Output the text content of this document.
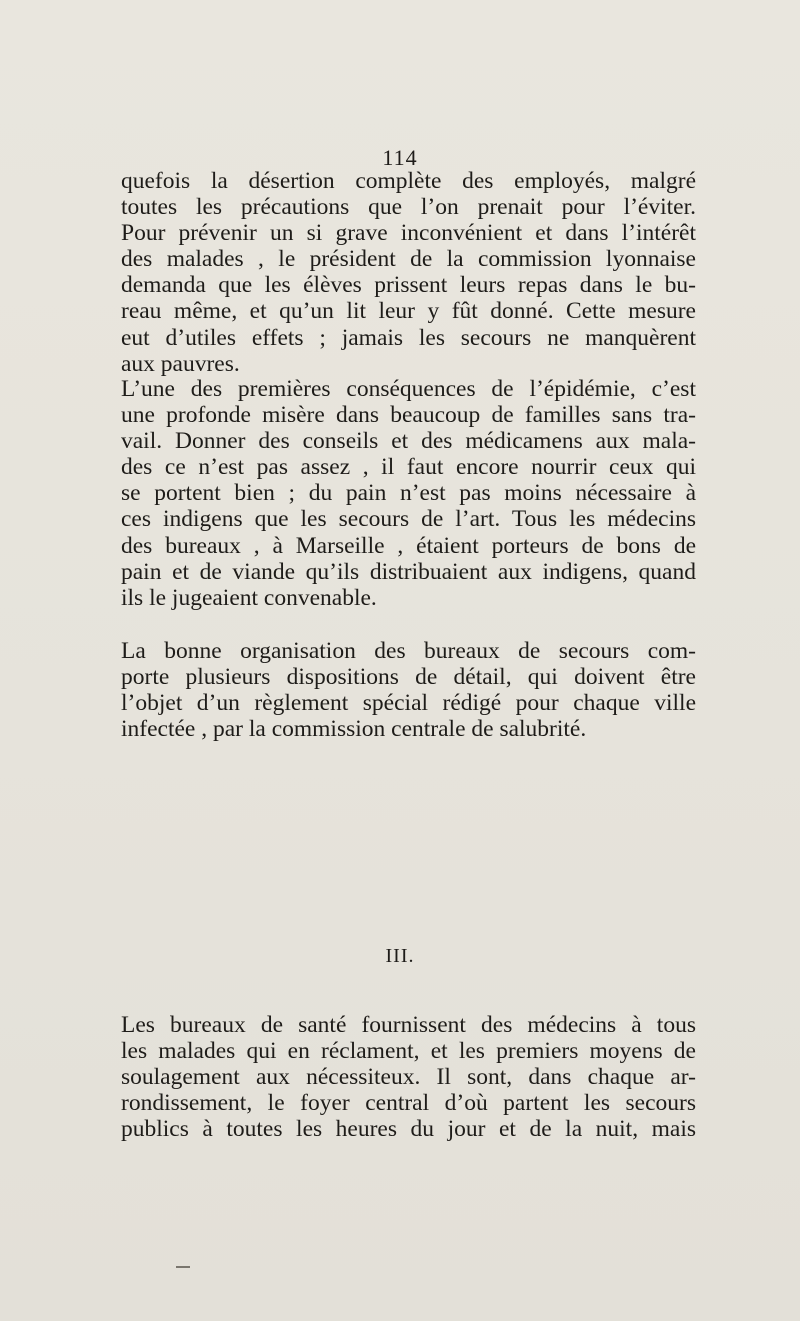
114
quefois la désertion complète des employés, malgré
toutes les précautions que l’on prenait pour l’éviter.
Pour prévenir un si grave inconvénient et dans l’intérêt
des malades , le président de la commission lyonnaise
demanda que les élèves prissent leurs repas dans le bu-
reau même, et qu’un lit leur y fût donné. Cette mesure
eut d’utiles effets ; jamais les secours ne manquèrent
aux pauvres.
L’une des premières conséquences de l’épidémie, c’est
une profonde misère dans beaucoup de familles sans tra-
vail. Donner des conseils et des médicamens aux mala-
des ce n’est pas assez , il faut encore nourrir ceux qui
se portent bien ; du pain n’est pas moins nécessaire à
ces indigens que les secours de l’art. Tous les médecins
des bureaux , à Marseille , étaient porteurs de bons de
pain et de viande qu’ils distribuaient aux indigens, quand
ils le jugeaient convenable.
La bonne organisation des bureaux de secours com-
porte plusieurs dispositions de détail, qui doivent être
l’objet d’un règlement spécial rédigé pour chaque ville
infectée , par la commission centrale de salubrité.
III.
Les bureaux de santé fournissent des médecins à tous
les malades qui en réclament, et les premiers moyens de
soulagement aux nécessiteux. Il sont, dans chaque ar-
rondissement, le foyer central d’où partent les secours
publics à toutes les heures du jour et de la nuit, mais
